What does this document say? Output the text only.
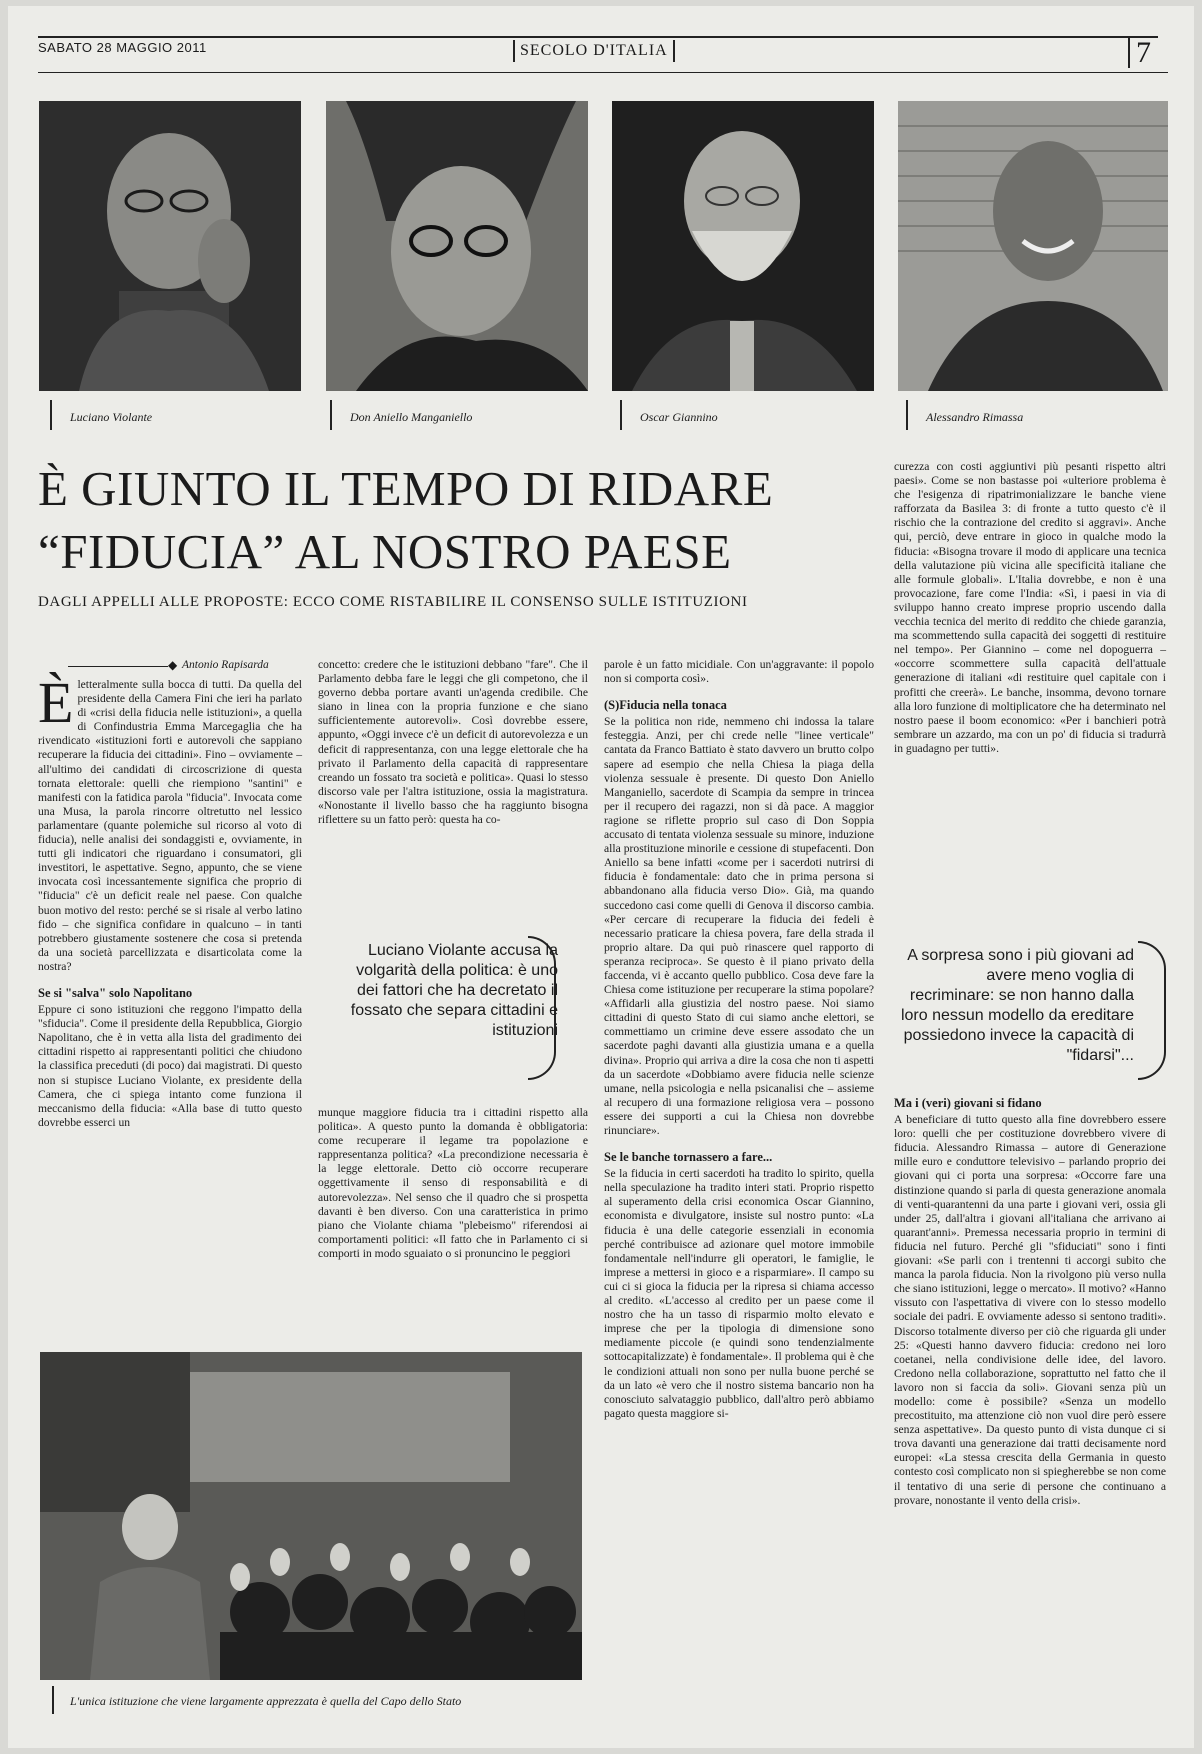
SABATO 28 MAGGIO 2011	SECOLO D'ITALIA	7
Luciano Violante	Don Aniello Manganiello	Oscar Giannino	Alessandro Rimassa
È GIUNTO IL TEMPO DI RIDARE
“FIDUCIA” AL NOSTRO PAESE
DAGLI APPELLI ALLE PROPOSTE: ECCO COME RISTABILIRE IL CONSENSO SULLE ISTITUZIONI
◆ Antonio Rapisarda

Èletteralmente sulla bocca di tutti. Da quella del presidente della Camera Fini che ieri ha parlato di «crisi della fiducia nelle istituzioni», a quella di Confindustria Emma Marcegaglia che ha rivendicato «istituzioni forti e autorevoli che sappiano recuperare la fiducia dei cittadini». Fino – ovviamente – all'ultimo dei candidati di circoscrizione di questa tornata elettorale: quelli che riempiono "santini" e manifesti con la fatidica parola "fiducia". Invocata come una Musa, la parola rincorre oltretutto nel lessico parlamentare (quante polemiche sul ricorso al voto di fiducia), nelle analisi dei sondaggisti e, ovviamente, in tutti gli indicatori che riguardano i consumatori, gli investitori, le aspettative. Segno, appunto, che se viene invocata così incessantemente significa che proprio di "fiducia" c'è un deficit reale nel paese. Con qualche buon motivo del resto: perché se si risale al verbo latino fido – che significa confidare in qualcuno – in tanti potrebbero giustamente sostenere che cosa si pretenda da una società parcellizzata e disarticolata come la nostra?

Se si "salva" solo Napolitano

Eppure ci sono istituzioni che reggono l'impatto della "sfiducia". Come il presidente della Repubblica, Giorgio Napolitano, che è in vetta alla lista del gradimento dei cittadini rispetto ai rappresentanti politici che chiudono la classifica preceduti (di poco) dai magistrati. Di questo non si stupisce Luciano Violante, ex presidente della Camera, che ci spiega intanto come funziona il meccanismo della fiducia: «Alla base di tutto questo dovrebbe esserci un

concetto: credere che le istituzioni debbano "fare". Che il Parlamento debba fare le leggi che gli competono, che il governo debba portare avanti un'agenda credibile. Che siano in linea con la propria funzione e che siano sufficientemente autorevoli». Così dovrebbe essere, appunto, «Oggi invece c'è un deficit di autorevolezza e un deficit di rappresentanza, con una legge elettorale che ha privato il Parlamento della capacità di rappresentare creando un fossato tra società e politica». Quasi lo stesso discorso vale per l'altra istituzione, ossia la magistratura. «Nonostante il livello basso che ha raggiunto bisogna riflettere su un fatto però: questa ha co-

Luciano Violante accusa la volgarità della politica: è uno dei fattori che ha decretato il fossato che separa cittadini e istituzioni

munque maggiore fiducia tra i cittadini rispetto alla politica». A questo punto la domanda è obbligatoria: come recuperare il legame tra popolazione e rappresentanza politica? «La precondizione necessaria è la legge elettorale. Detto ciò occorre recuperare oggettivamente il senso di responsabilità e di autorevolezza». Nel senso che il quadro che si prospetta davanti è ben diverso. Con una caratteristica in primo piano che Violante chiama "plebeismo" riferendosi ai comportamenti politici: «Il fatto che in Parlamento ci si comporti in modo sguaiato o si pronuncino le peggiori

parole è un fatto micidiale. Con un'aggravante: il popolo non si comporta così».

(S)Fiducia nella tonaca

Se la politica non ride, nemmeno chi indossa la talare festeggia. Anzi, per chi crede nelle "linee verticale" cantata da Franco Battiato è stato davvero un brutto colpo sapere ad esempio che nella Chiesa la piaga della violenza sessuale è presente. Di questo Don Aniello Manganiello, sacerdote di Scampia da sempre in trincea per il recupero dei ragazzi, non si dà pace. A maggior ragione se riflette proprio sul caso di Don Soppia accusato di tentata violenza sessuale su minore, induzione alla prostituzione minorile e cessione di stupefacenti. Don Aniello sa bene infatti «come per i sacerdoti nutrirsi di fiducia è fondamentale: dato che in prima persona si abbandonano alla fiducia verso Dio». Già, ma quando succedono casi come quelli di Genova il discorso cambia. «Per cercare di recuperare la fiducia dei fedeli è necessario praticare la chiesa povera, fare della strada il proprio altare. Da qui può rinascere quel rapporto di speranza reciproca». Se questo è il piano privato della faccenda, vi è accanto quello pubblico. Cosa deve fare la Chiesa come istituzione per recuperare la stima popolare? «Affidarli alla giustizia del nostro paese. Noi siamo cittadini di questo Stato di cui siamo anche elettori, se commettiamo un crimine deve essere assodato che un sacerdote paghi davanti alla giustizia umana e a quella divina». Proprio qui arriva a dire la cosa che non ti aspetti da un sacerdote «Dobbiamo avere fiducia nelle scienze umane, nella psicologia e nella psicanalisi che – assieme al recupero di una formazione religiosa vera – possono essere dei supporti a cui la Chiesa non dovrebbe rinunciare».

Se le banche tornassero a fare...

Se la fiducia in certi sacerdoti ha tradito lo spirito, quella nella speculazione ha tradito interi stati. Proprio rispetto al superamento della crisi economica Oscar Giannino, economista e divulgatore, insiste sul nostro punto: «La fiducia è una delle categorie essenziali in economia perché contribuisce ad azionare quel motore immobile fondamentale nell'indurre gli operatori, le famiglie, le imprese a mettersi in gioco e a risparmiare». Il campo su cui ci si gioca la fiducia per la ripresa si chiama accesso al credito. «L'accesso al credito per un paese come il nostro che ha un tasso di risparmio molto elevato e imprese che per la tipologia di dimensione sono mediamente piccole (e quindi sono tendenzialmente sottocapitalizzate) è fondamentale». Il problema qui è che le condizioni attuali non sono per nulla buone perché se da un lato «è vero che il nostro sistema bancario non ha conosciuto salvataggio pubblico, dall'altro però abbiamo pagato questa maggiore si-

curezza con costi aggiuntivi più pesanti rispetto altri paesi». Come se non bastasse poi «ulteriore problema è che l'esigenza di ripatrimonializzare le banche viene rafforzata da Basilea 3: di fronte a tutto questo c'è il rischio che la contrazione del credito si aggravi». Anche qui, perciò, deve entrare in gioco in qualche modo la fiducia: «Bisogna trovare il modo di applicare una tecnica della valutazione più vicina alle specificità italiane che alle formule globali». L'Italia dovrebbe, e non è una provocazione, fare come l'India: «Sì, i paesi in via di sviluppo hanno creato imprese proprio uscendo dalla vecchia tecnica del merito di reddito che chiede garanzia, ma scommettendo sulla capacità dei soggetti di restituire nel tempo». Per Giannino – come nel dopoguerra – «occorre scommettere sulla capacità dell'attuale generazione di italiani «di restituire quel capitale con i profitti che creerà». Le banche, insomma, devono tornare alla loro funzione di moltiplicatore che ha determinato nel nostro paese il boom economico: «Per i banchieri potrà sembrare un azzardo, ma con un po' di fiducia si tradurrà in guadagno per tutti».

A sorpresa sono i più giovani ad avere meno voglia di recriminare: se non hanno dalla loro nessun modello da ereditare possiedono invece la capacità di "fidarsi"...
Ma i (veri) giovani si fidano

A beneficiare di tutto questo alla fine dovrebbero essere loro: quelli che per costituzione dovrebbero vivere di fiducia. Alessandro Rimassa – autore di Generazione mille euro e conduttore televisivo – parlando proprio dei giovani qui ci porta una sorpresa: «Occorre fare una distinzione quando si parla di questa generazione anomala di venti-quarantenni da una parte i giovani veri, ossia gli under 25, dall'altra i giovani all'italiana che arrivano ai quarant'anni». Premessa necessaria proprio in termini di fiducia nel futuro. Perché gli "sfiduciati" sono i finti giovani: «Se parli con i trentenni ti accorgi subito che manca la parola fiducia. Non la rivolgono più verso nulla che siano istituzioni, legge o mercato». Il motivo? «Hanno vissuto con l'aspettativa di vivere con lo stesso modello sociale dei padri. E ovviamente adesso si sentono traditi». Discorso totalmente diverso per ciò che riguarda gli under 25: «Questi hanno davvero fiducia: credono nei loro coetanei, nella condivisione delle idee, del lavoro. Credono nella collaborazione, soprattutto nel fatto che il lavoro non si faccia da soli». Giovani senza più un modello: come è possibile? «Senza un modello precostituito, ma attenzione ciò non vuol dire però essere senza aspettative». Da questo punto di vista dunque ci si trova davanti una generazione dai tratti decisamente nord europei: «La stessa crescita della Germania in questo contesto così complicato non si spiegherebbe se non come il tentativo di una serie di persone che continuano a provare, nonostante il vento della crisi».

L'unica istituzione che viene largamente apprezzata è quella del Capo dello Stato
